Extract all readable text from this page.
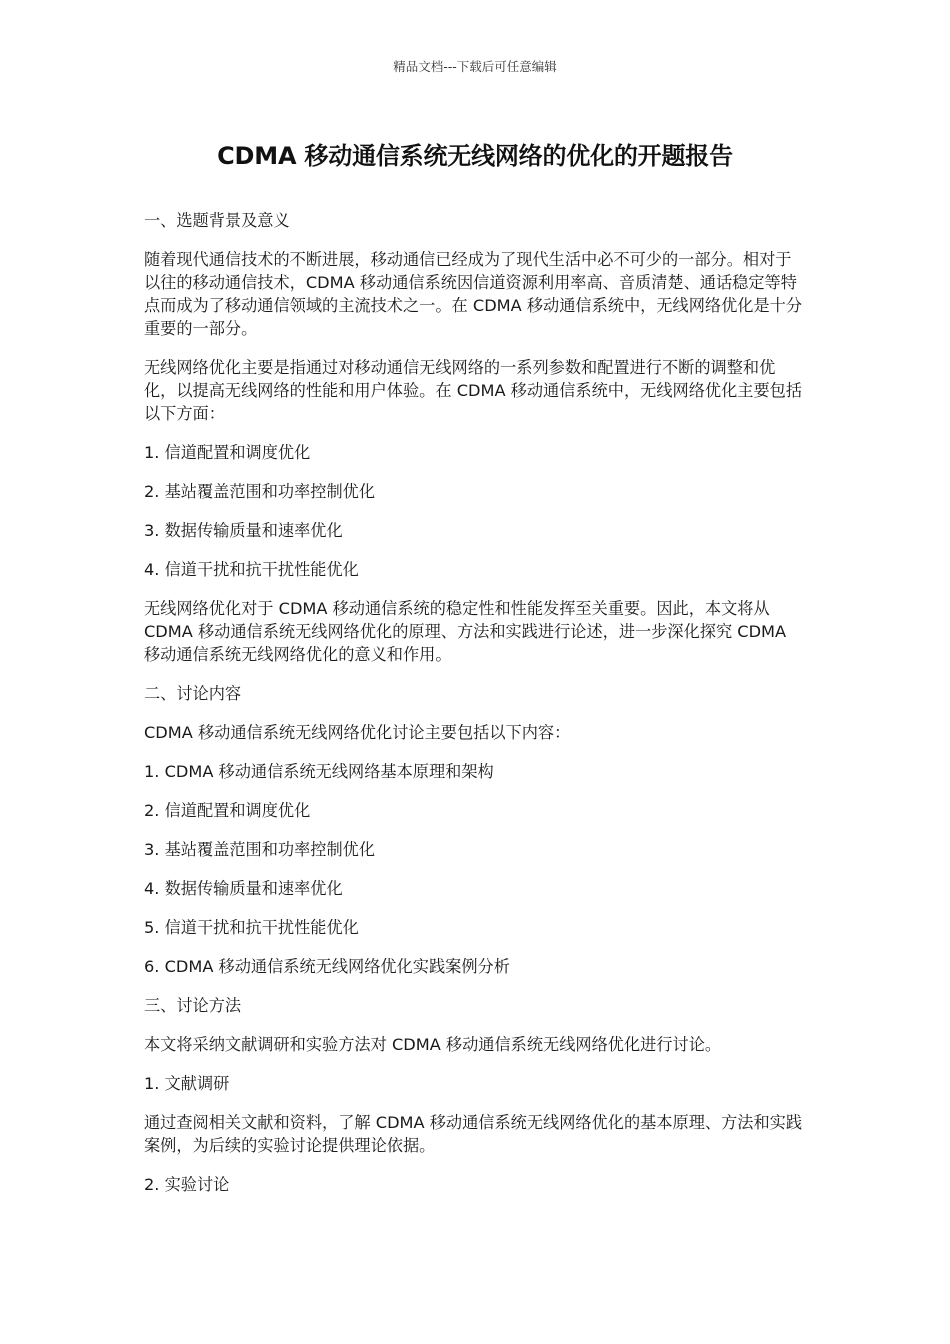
精品文档---下载后可任意编辑
CDMA 移动通信系统无线网络的优化的开题报告

一、选题背景及意义

随着现代通信技术的不断进展，移动通信已经成为了现代生活中必不可少的一部分。相对于以往的移动通信技术，CDMA 移动通信系统因信道资源利用率高、音质清楚、通话稳定等特点而成为了移动通信领域的主流技术之一。在 CDMA 移动通信系统中，无线网络优化是十分重要的一部分。

无线网络优化主要是指通过对移动通信无线网络的一系列参数和配置进行不断的调整和优化，以提高无线网络的性能和用户体验。在 CDMA 移动通信系统中，无线网络优化主要包括以下方面：

1. 信道配置和调度优化

2. 基站覆盖范围和功率控制优化

3. 数据传输质量和速率优化

4. 信道干扰和抗干扰性能优化

无线网络优化对于 CDMA 移动通信系统的稳定性和性能发挥至关重要。因此，本文将从 CDMA 移动通信系统无线网络优化的原理、方法和实践进行论述，进一步深化探究 CDMA 移动通信系统无线网络优化的意义和作用。

二、讨论内容

CDMA 移动通信系统无线网络优化讨论主要包括以下内容：

1. CDMA 移动通信系统无线网络基本原理和架构

2. 信道配置和调度优化

3. 基站覆盖范围和功率控制优化

4. 数据传输质量和速率优化

5. 信道干扰和抗干扰性能优化

6. CDMA 移动通信系统无线网络优化实践案例分析

三、讨论方法

本文将采纳文献调研和实验方法对 CDMA 移动通信系统无线网络优化进行讨论。

1. 文献调研

通过查阅相关文献和资料，了解 CDMA 移动通信系统无线网络优化的基本原理、方法和实践案例，为后续的实验讨论提供理论依据。

2. 实验讨论
